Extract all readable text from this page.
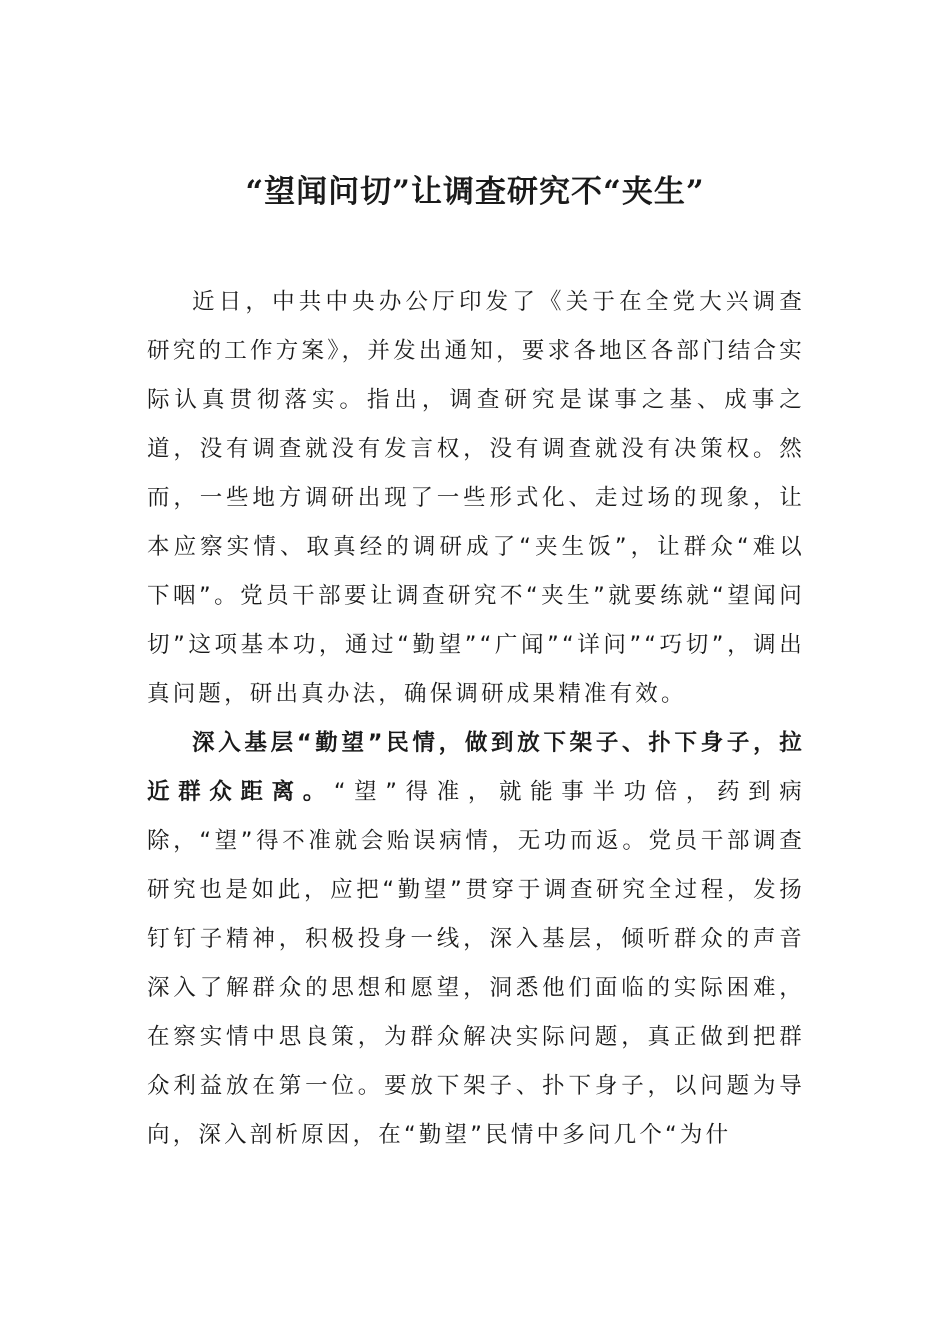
“望闻问切”让调查研究不“夹生”

近日，中共中央办公厅印发了《关于在全党大兴调查研究的工作方案》，并发出通知，要求各地区各部门结合实际认真贯彻落实。指出，调查研究是谋事之基、成事之道，没有调查就没有发言权，没有调查就没有决策权。然而，一些地方调研出现了一些形式化、走过场的现象，让本应察实情、取真经的调研成了“夹生饭”，让群众“难以下咽”。党员干部要让调查研究不“夹生”就要练就“望闻问切”这项基本功，通过“勤望”“广闻”“详问”“巧切”，调出真问题，研出真办法，确保调研成果精准有效。

深入基层“勤望”民情，做到放下架子、扑下身子，拉近群众距离。“望”得准，就能事半功倍，药到病除，“望”得不准就会贻误病情，无功而返。党员干部调查研究也是如此，应把“勤望”贯穿于调查研究全过程，发扬钉钉子精神，积极投身一线，深入基层，倾听群众的声音深入了解群众的思想和愿望，洞悉他们面临的实际困难，在察实情中思良策，为群众解决实际问题，真正做到把群众利益放在第一位。要放下架子、扑下身子，以问题为导向，深入剖析原因，在“勤望”民情中多问几个“为什
